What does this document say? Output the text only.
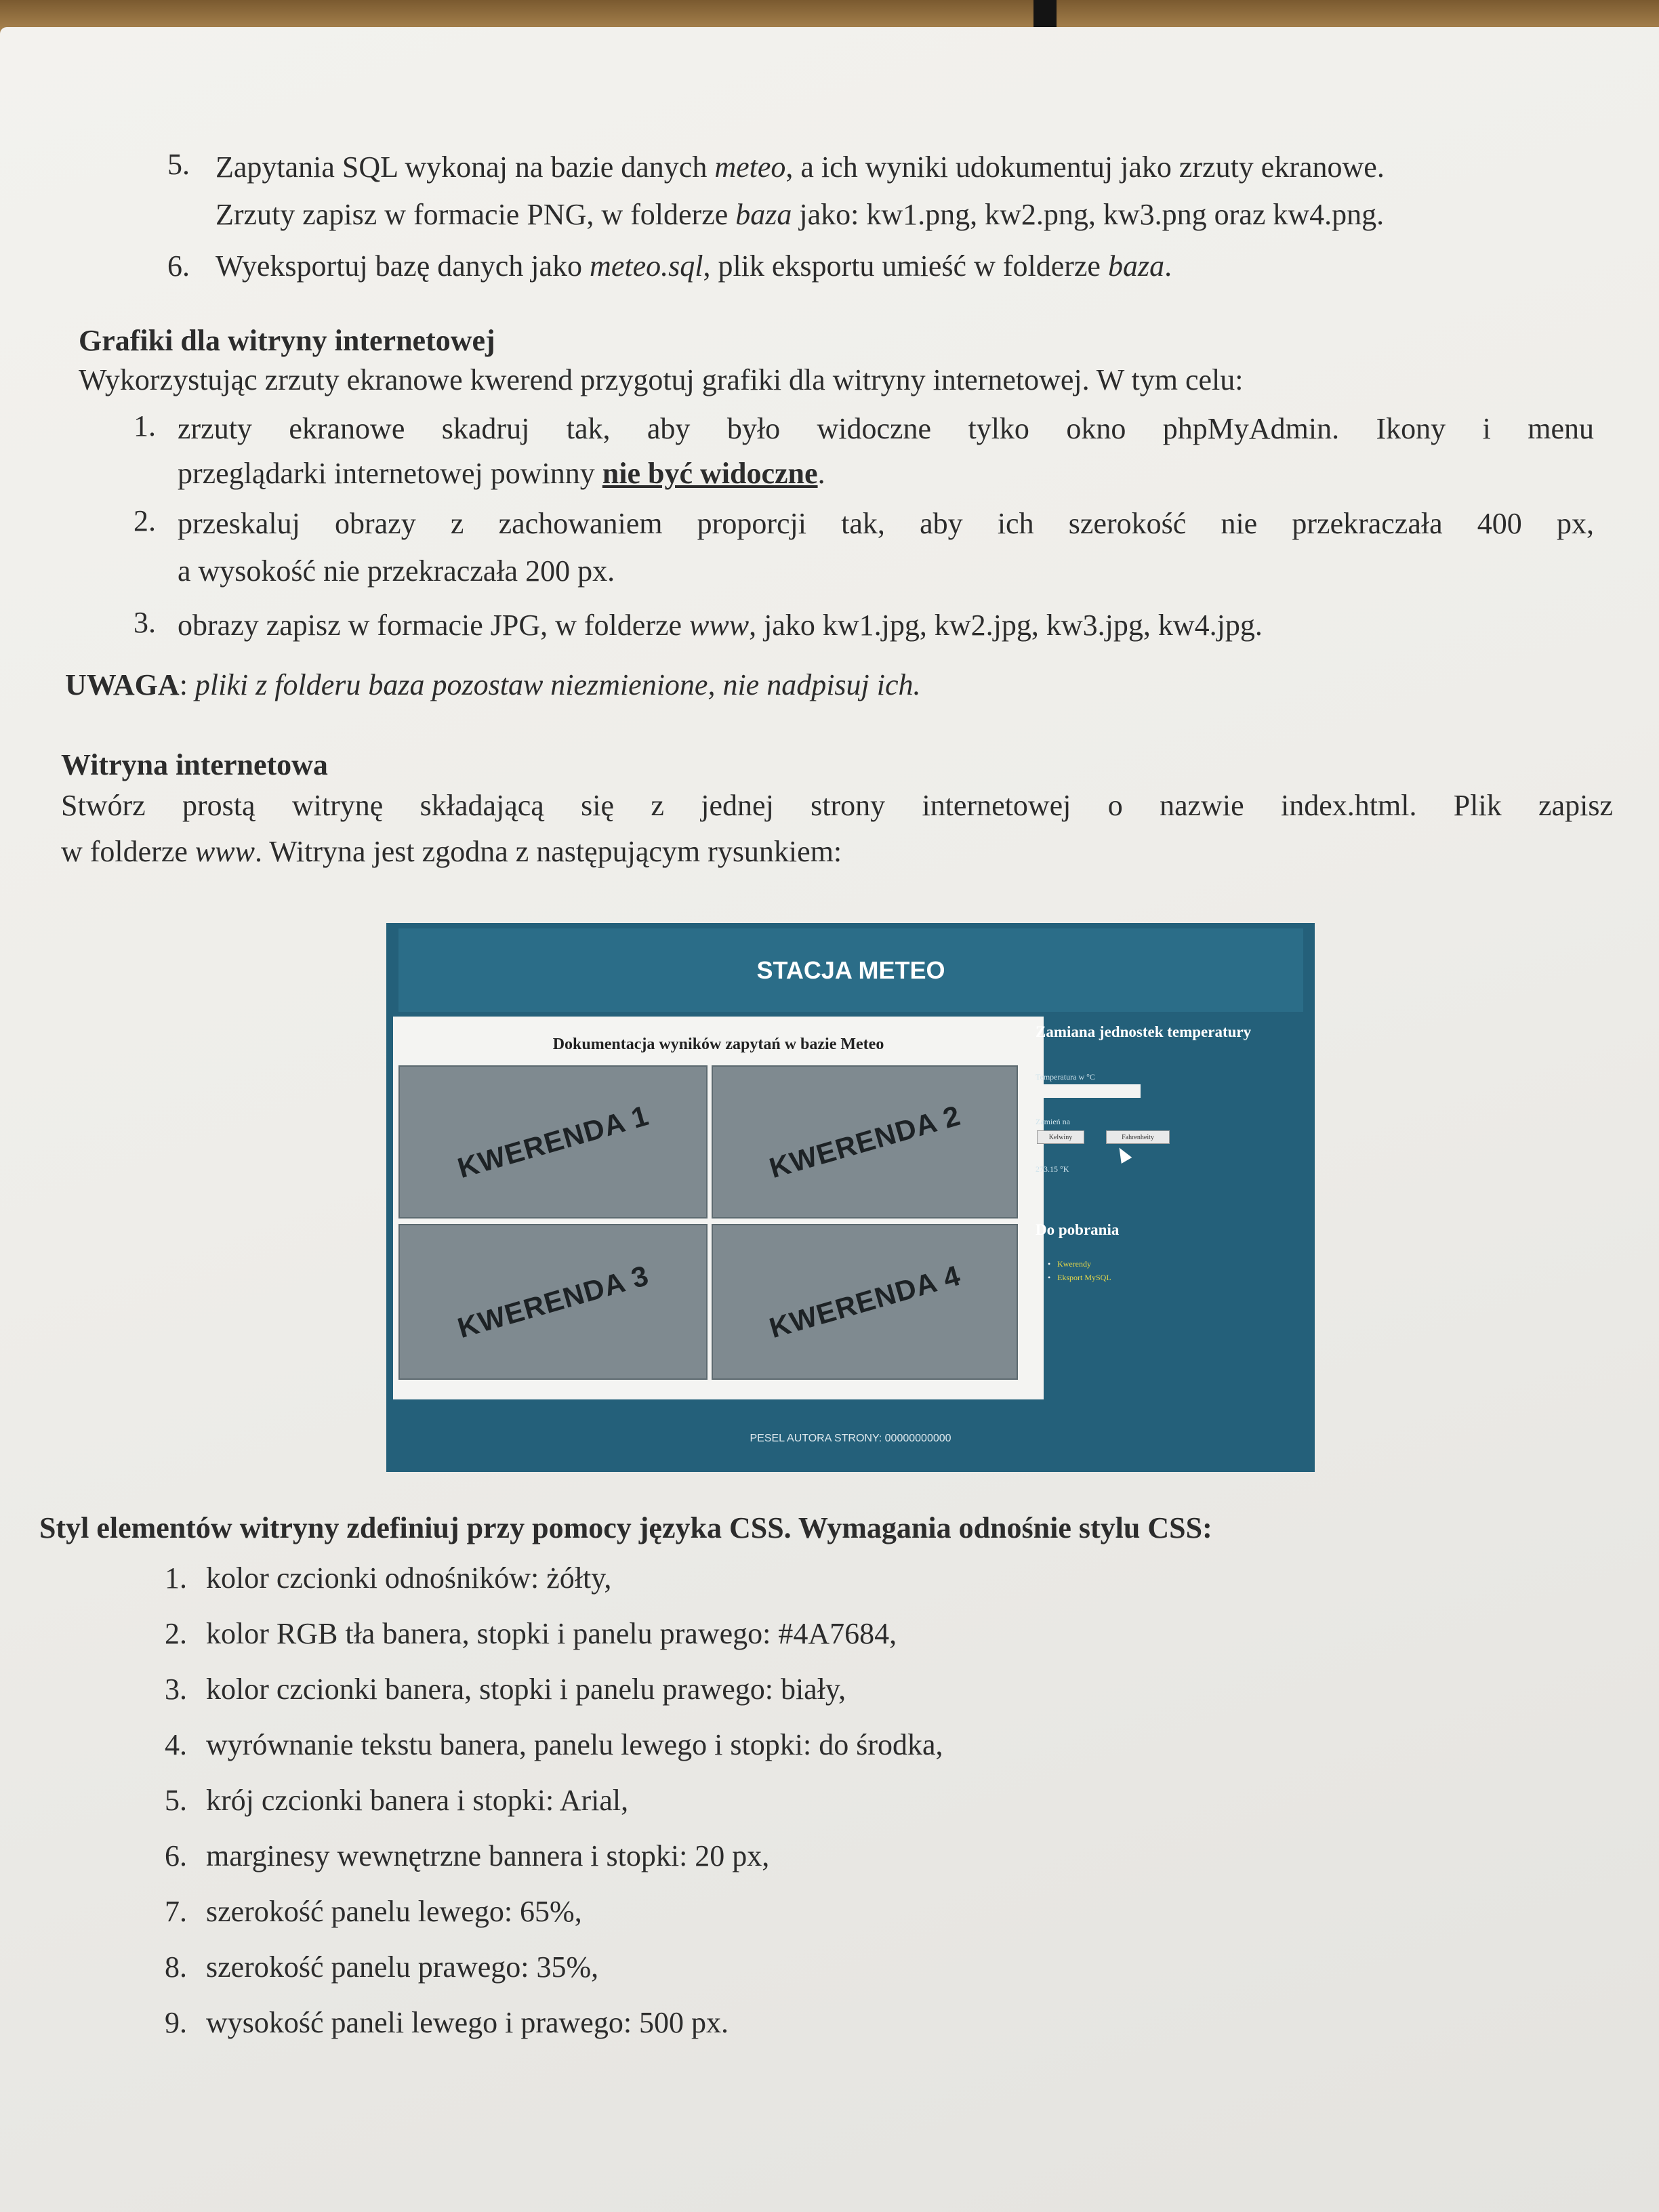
5. Zapytania SQL wykonaj na bazie danych meteo, a ich wyniki udokumentuj jako zrzuty ekranowe.
Zrzuty zapisz w formacie PNG, w folderze baza jako: kw1.png, kw2.png, kw3.png oraz kw4.png.
6. Wyeksportuj bazę danych jako meteo.sql, plik eksportu umieść w folderze baza.
Grafiki dla witryny internetowej
Wykorzystując zrzuty ekranowe kwerend przygotuj grafiki dla witryny internetowej. W tym celu:
1. zrzuty ekranowe skadruj tak, aby było widoczne tylko okno phpMyAdmin. Ikony i menu
przeglądarki internetowej powinny nie być widoczne.
2. przeskaluj obrazy z zachowaniem proporcji tak, aby ich szerokość nie przekraczała 400 px,
a wysokość nie przekraczała 200 px.
3. obrazy zapisz w formacie JPG, w folderze www, jako kw1.jpg, kw2.jpg, kw3.jpg, kw4.jpg.
UWAGA: pliki z folderu baza pozostaw niezmienione, nie nadpisuj ich.
Witryna internetowa
Stwórz prostą witrynę składającą się z jednej strony internetowej o nazwie index.html. Plik zapisz
w folderze www. Witryna jest zgodna z następującym rysunkiem:
STACJA METEO
Dokumentacja wyników zapytań w bazie Meteo
KWERENDA 1	KWERENDA 2
KWERENDA 3	KWERENDA 4
Zamiana jednostek temperatury
Temperatura w °C
Zamień na
Kelwiny	Fahrenheity
273.15 °K
Do pobrania
• Kwerendy
• Eksport MySQL
PESEL AUTORA STRONY: 00000000000
Styl elementów witryny zdefiniuj przy pomocy języka CSS. Wymagania odnośnie stylu CSS:
1. kolor czcionki odnośników: żółty,
2. kolor RGB tła banera, stopki i panelu prawego: #4A7684,
3. kolor czcionki banera, stopki i panelu prawego: biały,
4. wyrównanie tekstu banera, panelu lewego i stopki: do środka,
5. krój czcionki banera i stopki: Arial,
6. marginesy wewnętrzne bannera i stopki: 20 px,
7. szerokość panelu lewego: 65%,
8. szerokość panelu prawego: 35%,
9. wysokość paneli lewego i prawego: 500 px.
